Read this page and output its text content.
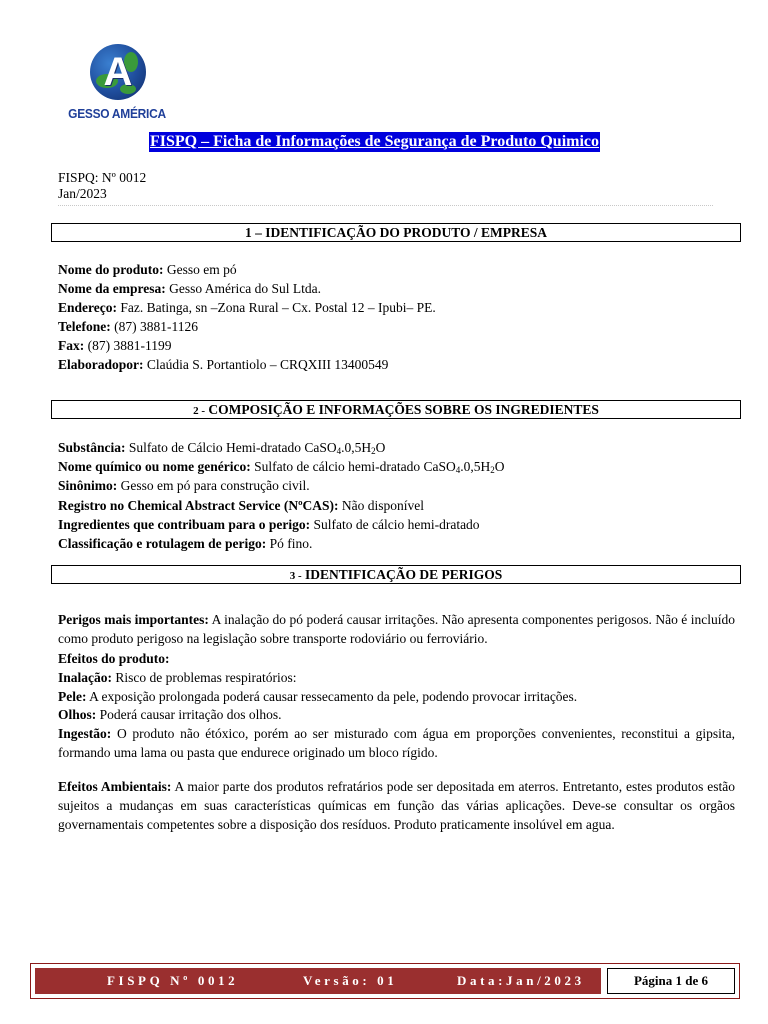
A
GESSO AMÉRICA
FISPQ – Ficha de Informações de Segurança de Produto Quimico
FISPQ: Nº 0012
Jan/2023
1 – IDENTIFICAÇÃO DO PRODUTO / EMPRESA
Nome do produto: Gesso em pó
Nome da empresa: Gesso América do Sul Ltda.
Endereço: Faz. Batinga, sn –Zona Rural – Cx. Postal 12 – Ipubi– PE.
Telefone: (87) 3881-1126
Fax: (87) 3881-1199
Elaboradopor: Claúdia S. Portantiolo – CRQXIII 13400549
2 - COMPOSIÇÃO E INFORMAÇÕES SOBRE OS INGREDIENTES
Substância: Sulfato de Cálcio Hemi-dratado $CaSO_4.0,5H_2O$
Nome químico ou nome genérico: Sulfato de cálcio hemi-dratado $CaSO_4.0,5H_2O$
Sinônimo: Gesso em pó para construção civil.
Registro no Chemical Abstract Service (NºCAS): Não disponível
Ingredientes que contribuam para o perigo: Sulfato de cálcio hemi-dratado
Classificação e rotulagem de perigo: Pó fino.
3 - IDENTIFICAÇÃO DE PERIGOS
Perigos mais importantes: A inalação do pó poderá causar irritações. Não apresenta componentes perigosos. Não é incluído como produto perigoso na legislação sobre transporte rodoviário ou ferroviário.
Efeitos do produto:
Inalação: Risco de problemas respiratórios:
Pele: A exposição prolongada poderá causar ressecamento da pele, podendo provocar irritações.
Olhos: Poderá causar irritação dos olhos.
Ingestão: O produto não étóxico, porém ao ser misturado com água em proporções convenientes, reconstitui a gipsita, formando uma lama ou pasta que endurece originado um bloco rígido.
Efeitos Ambientais: A maior parte dos produtos refratários pode ser depositada em aterros. Entretanto, estes produtos estão sujeitos a mudanças em suas características químicas em função das várias aplicações. Deve-se consultar os orgãos governamentais competentes sobre a disposição dos resíduos. Produto praticamente insolúvel em agua.
FISPQ Nº 0012	Versão: 01	Data:Jan/2023	Página 1 de 6
